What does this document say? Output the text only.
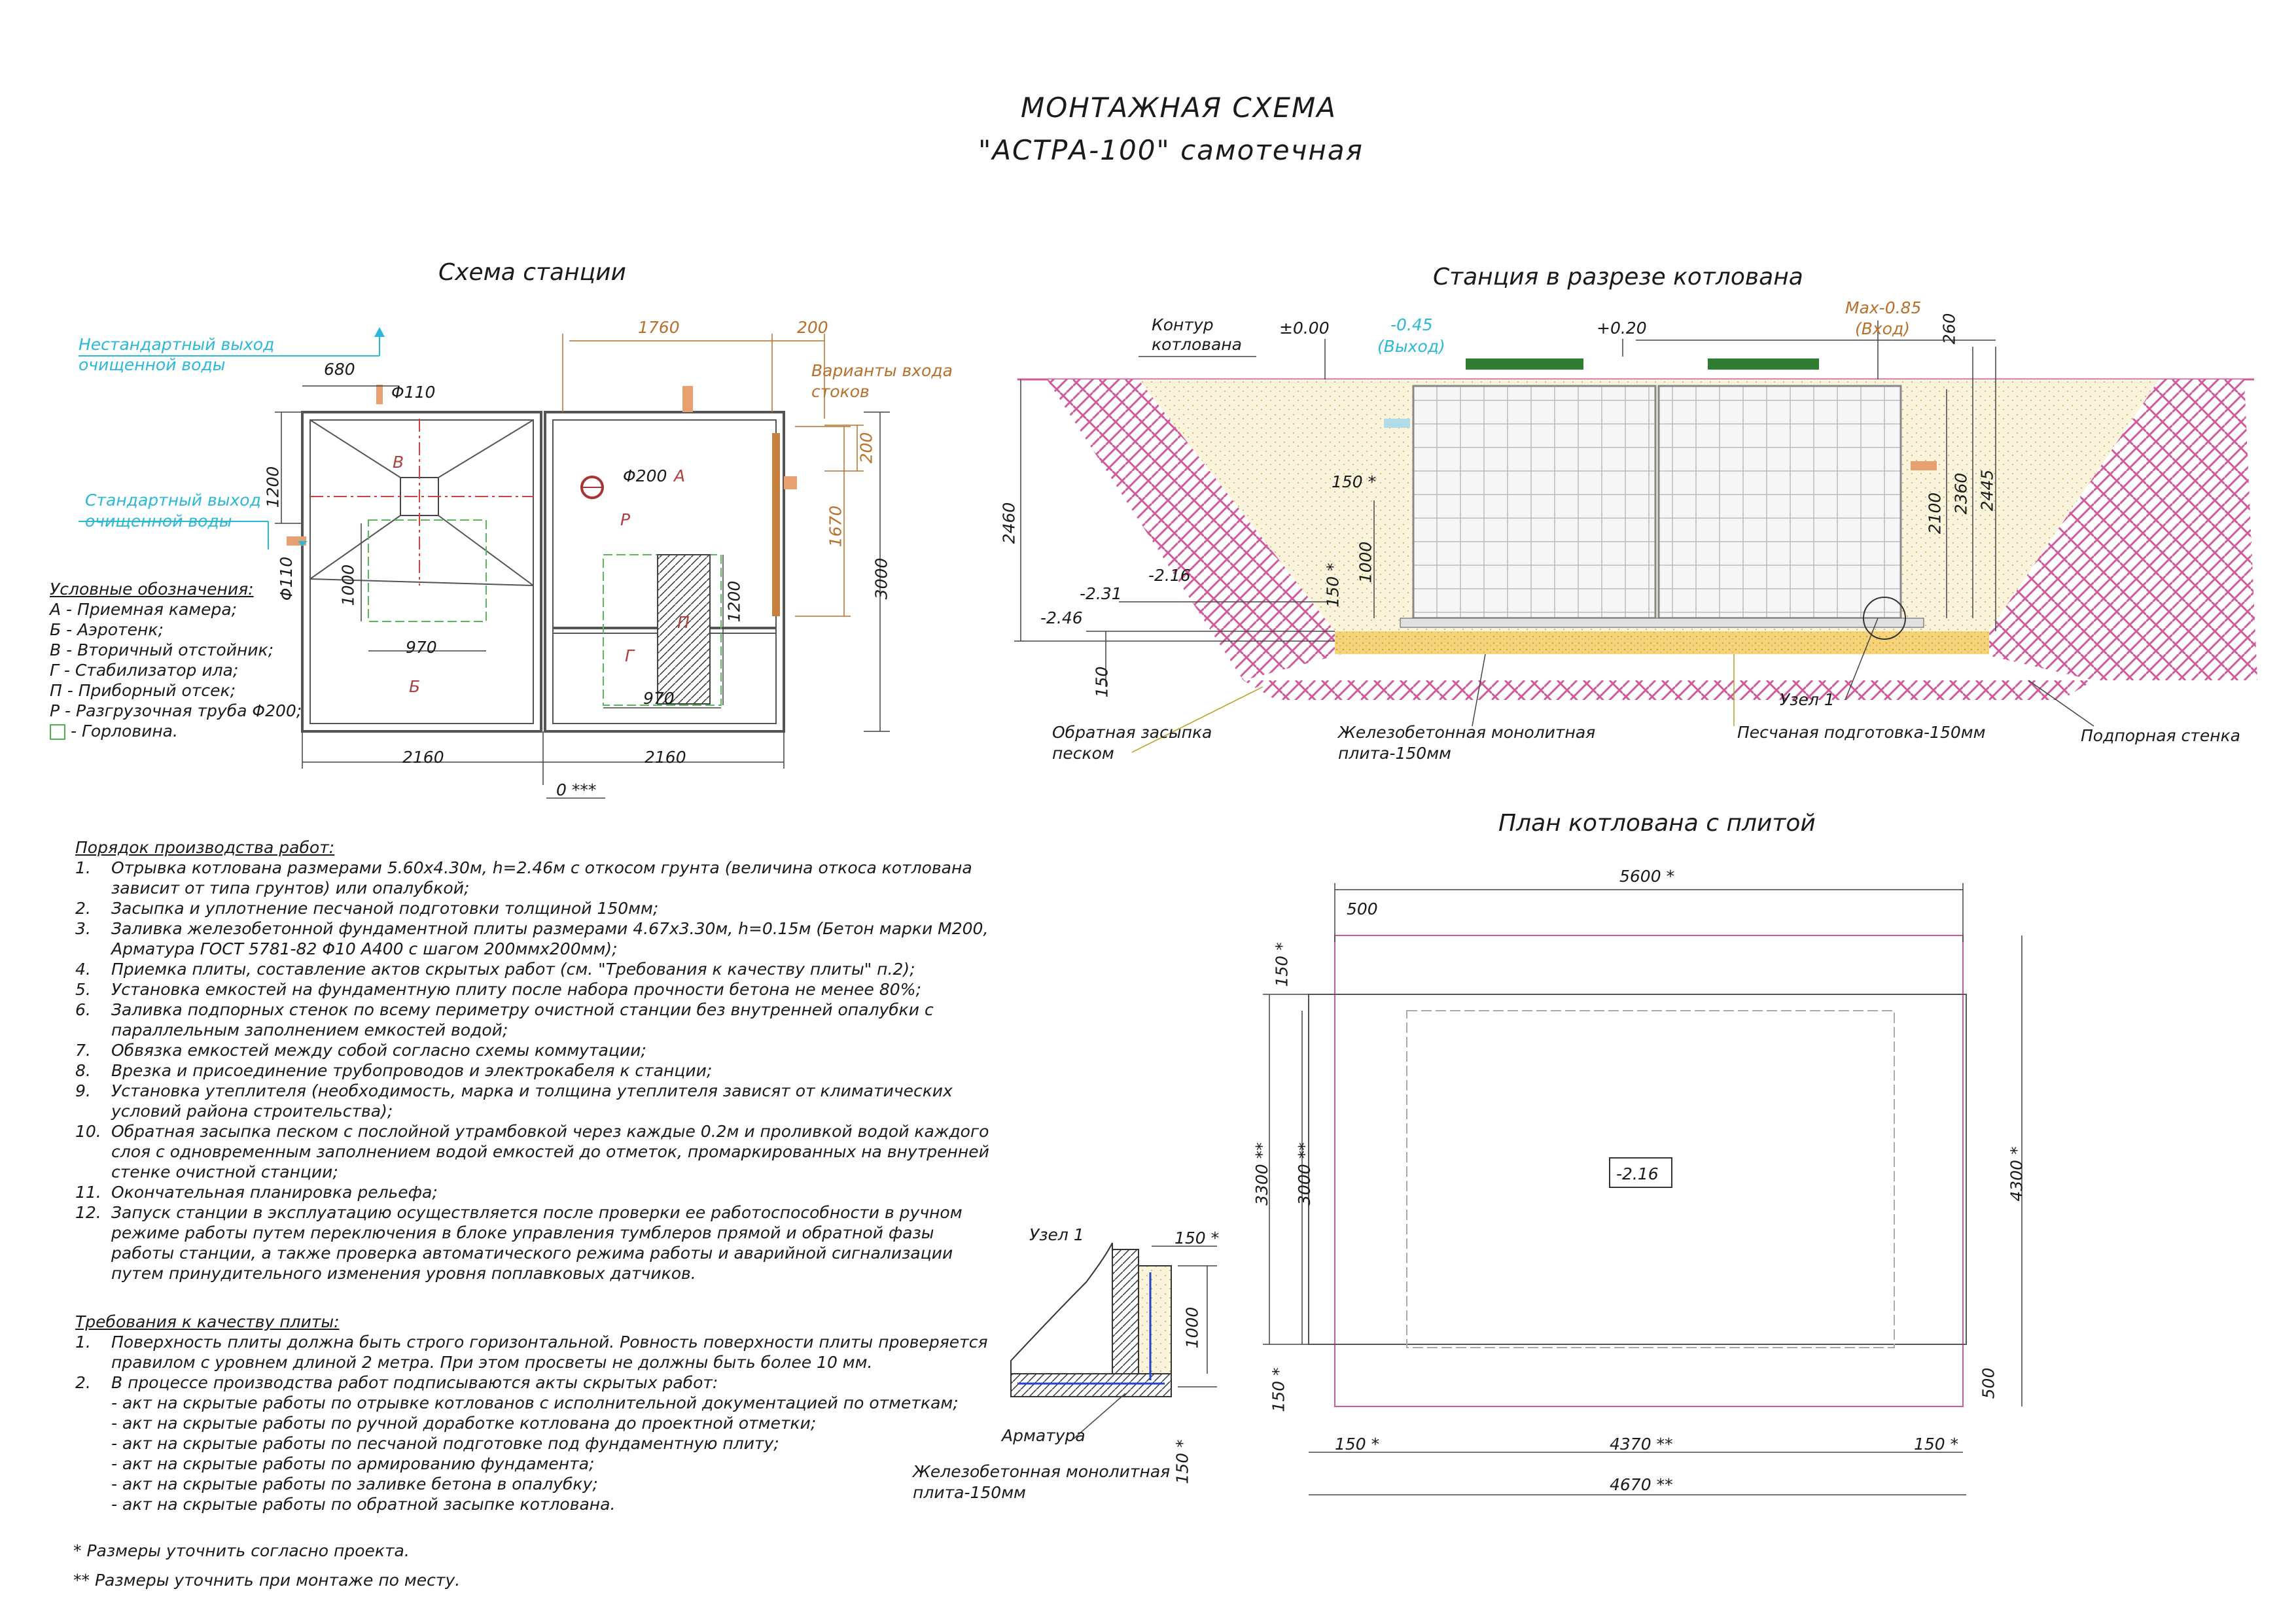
МОНТАЖНАЯ СХЕМА
"АСТРА-100" самотечная
Схема станции
1760	200
Нестандартный выход
очищенной воды	680	Варианты входа
стоков
Φ110
1200
200
А
В
Φ200
Р
Стандартный выход
очищенной воды	1670
3000
Φ110	1000	1200
П
970	Г
Б
970
2160	2160
0 ***
Условные обозначения:
А - Приемная камера;
Б - Аэротенк;
В - Вторичный отстойник;
Г - Стабилизатор ила;
П - Приборный отсек;
Р - Разгрузочная труба Φ200;
- Горловина.
Станция в разрезе котлована
Контур
котлована
±0.00	-0.45
(Выход)
+0.20
Max-0.85
(Вход) 260
2460
150 *
150 *
1000
2100 2360 2445
-2.16
-2.31
-2.46
150
Узел 1
Обратная засыпка
песком
Железобетонная монолитная
плита-150мм
Песчаная подготовка-150мм	Подпорная стенка
План котлована с плитой
5600 *
500
150 *
3300 ** 3000 **	4300 *
-2.16
500
150 *
150 *	4370 **	150 *
4670 **
Узел 1	150 *
1000
Арматура
150 *
Железобетонная монолитная
плита-150мм
Порядок производства работ:
1. Отрывка котлована размерами 5.60x4.30м, h=2.46м с откосом грунта (величина откоса котлована
зависит от типа грунтов) или опалубкой;
2. Засыпка и уплотнение песчаной подготовки толщиной 150мм;
3. Заливка железобетонной фундаментной плиты размерами 4.67x3.30м, h=0.15м (Бетон марки М200,
Арматура ГОСТ 5781-82 Φ10 А400 с шагом 200ммх200мм);
4. Приемка плиты, составление актов скрытых работ (см. "Требования к качеству плиты" п.2);
5. Установка емкостей на фундаментную плиту после набора прочности бетона не менее 80%;
6. Заливка подпорных стенок по всему периметру очистной станции без внутренней опалубки с
параллельным заполнением емкостей водой;
7. Обвязка емкостей между собой согласно схемы коммутации;
8. Врезка и присоединение трубопроводов и электрокабеля к станции;
9. Установка утеплителя (необходимость, марка и толщина утеплителя зависят от климатических
условий района строительства);
10. Обратная засыпка песком с послойной утрамбовкой через каждые 0.2м и проливкой водой каждого
слоя с одновременным заполнением водой емкостей до отметок, промаркированных на внутренней
стенке очистной станции;
11. Окончательная планировка рельефа;
12. Запуск станции в эксплуатацию осуществляется после проверки ее работоспособности в ручном
режиме работы путем переключения в блоке управления тумблеров прямой и обратной фазы
работы станции, а также проверка автоматического режима работы и аварийной сигнализации
путем принудительного изменения уровня поплавковых датчиков.
Требования к качеству плиты:
1. Поверхность плиты должна быть строго горизонтальной. Ровность поверхности плиты проверяется
правилом с уровнем длиной 2 метра. При этом просветы не должны быть более 10 мм.
2. В процессе производства работ подписываются акты скрытых работ:
- акт на скрытые работы по отрывке котлованов с исполнительной документацией по отметкам;
- акт на скрытые работы по ручной доработке котлована до проектной отметки;
- акт на скрытые работы по песчаной подготовке под фундаментную плиту;
- акт на скрытые работы по армированию фундамента;
- акт на скрытые работы по заливке бетона в опалубку;
- акт на скрытые работы по обратной засыпке котлована.
* Размеры уточнить согласно проекта.
** Размеры уточнить при монтаже по месту.
